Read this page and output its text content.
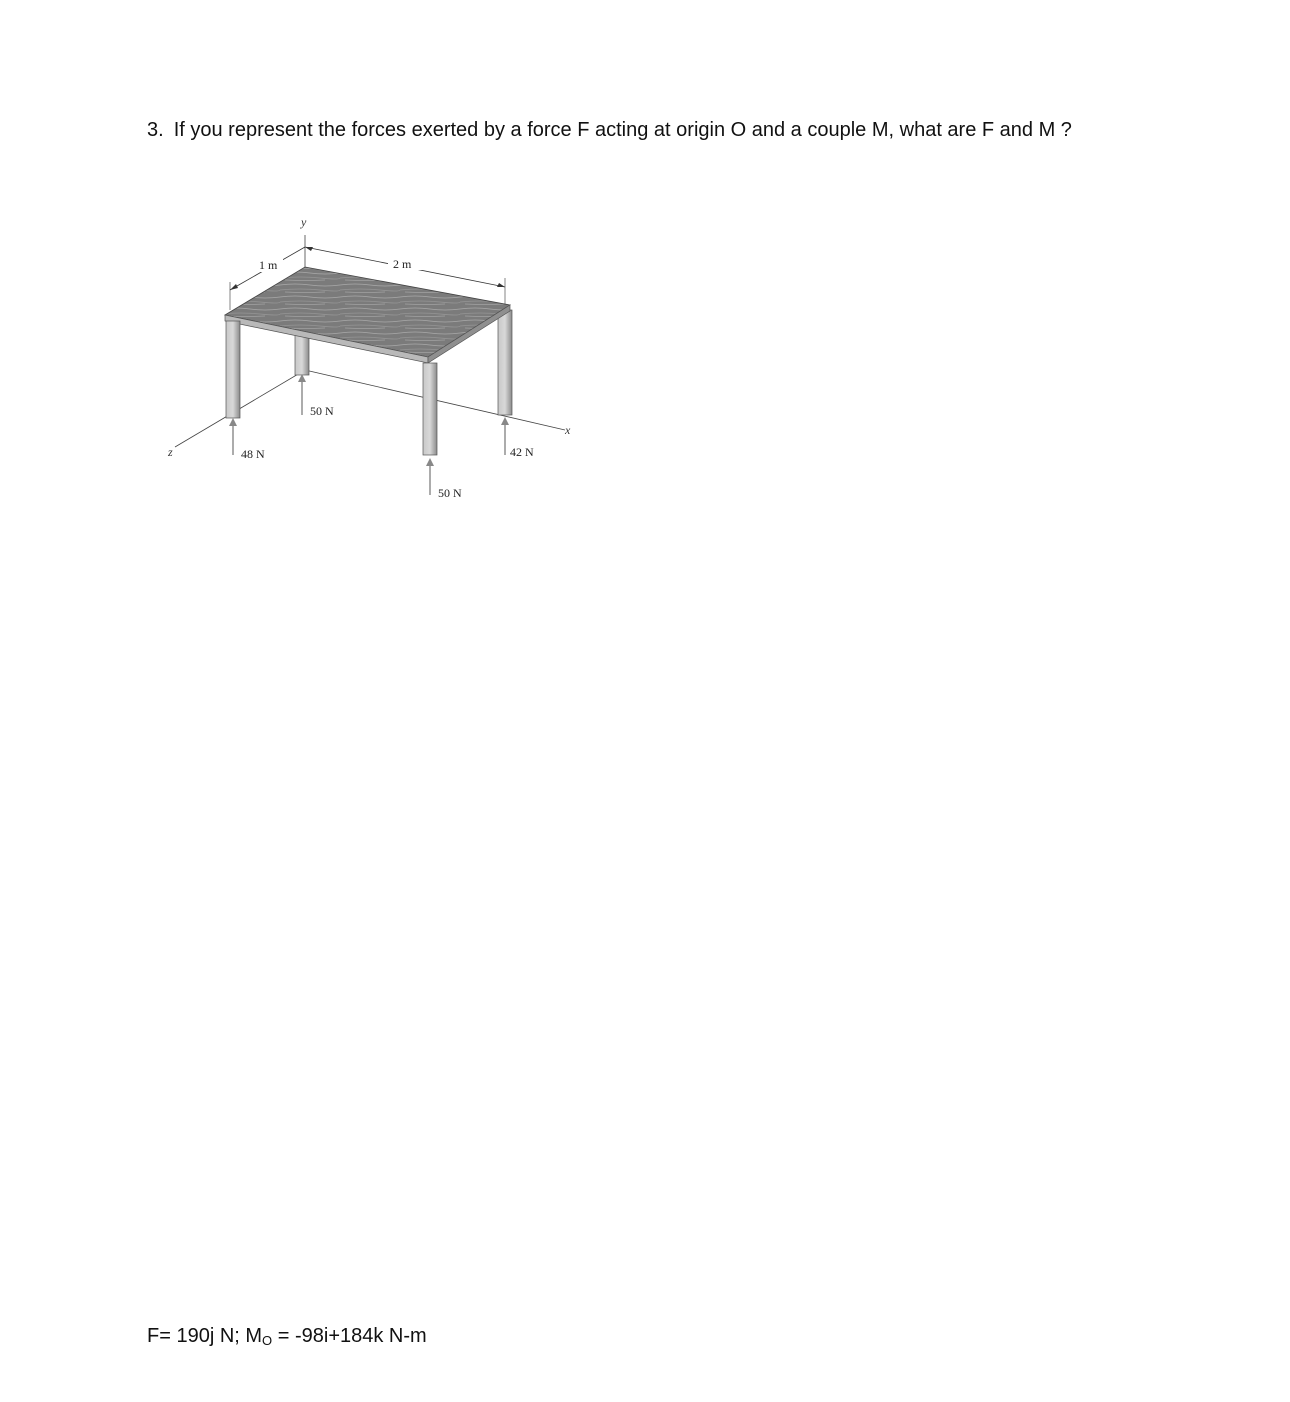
3. If you represent the forces exerted by a force F acting at origin O and a couple M, what are F and M ?
y
z
x
2 m
1 m
48 N
50 N
42 N
50 N
F= 190j N; $M_O = -98i+184k$ N-m
